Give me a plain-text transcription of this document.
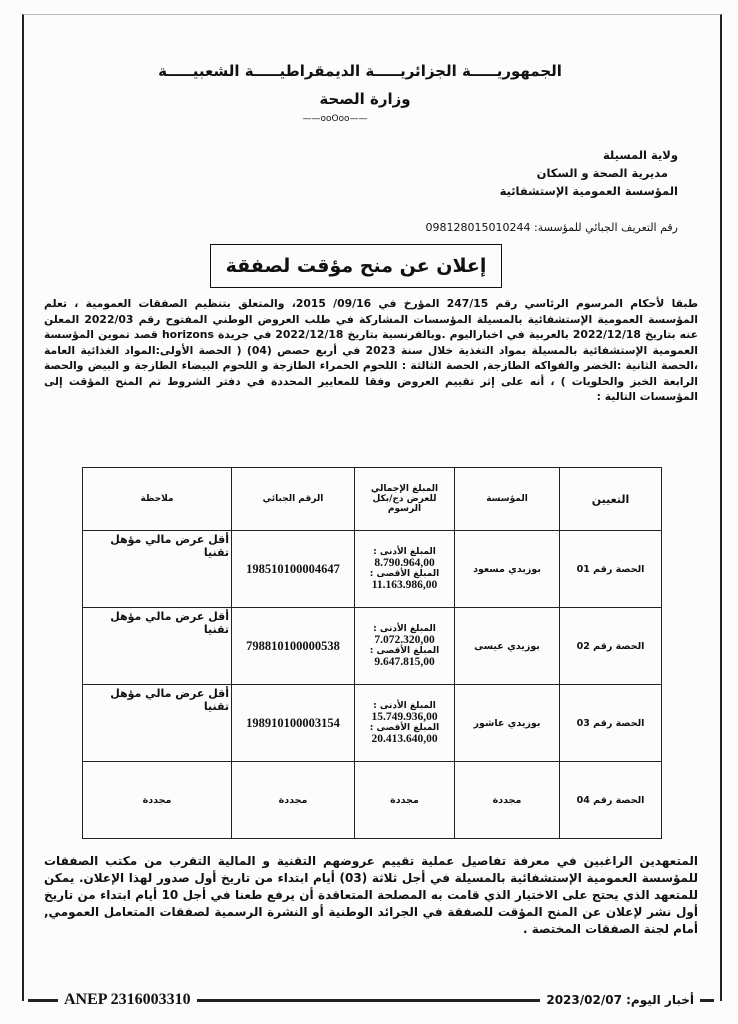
الجمهوريـــــة الجزائريـــــة الديمقراطيـــــة الشعبيـــــة
وزارة الصحة
——ooOoo——
ولاية المسيلة
مديرية الصحة و السكان
المؤسسة العمومية الإستشفائية
رقم التعريف الجبائي للمؤسسة: 098128015010244
إعلان عن منح مؤقت لصفقة
طبقا لأحكام المرسوم الرئاسي رقم 247/15 المؤرخ في 09/16/ 2015، والمتعلق بتنظيم الصفقات العمومية ، تعلم المؤسسة العمومية الإستشفائية بالمسيلة المؤسسات المشاركة في طلب العروض الوطني المفتوح رقم 2022/03 المعلن عنه بتاريخ 2022/12/18 بالعربية في اخباراليوم .وبالفرنسية بتاريخ 2022/12/18 في جريدة horizons قصد تموين المؤسسة العمومية الإستشفائية بالمسيلة بمواد التغذية خلال سنة 2023 في أربع حصص (04) ( الحصة الأولى:المواد الغذائية العامة ،الحصة الثانية :الخضر والفواكه الطازجة, الحصة الثالثة : اللحوم الحمراء الطازجة و اللحوم البيضاء الطازجة و البيض والحصة الرابعة الخبز والحلويات ) ، أنه على إثر تقييم العروض وفقا للمعايير المحددة في دفتر الشروط تم المنح المؤقت إلى المؤسسات التالية :
التعيين	المؤسسة	المبلغ الإجمالي للعرض دج/بكل الرسوم	الرقم الجبائي	ملاحظة
الحصة رقم 01	بوزيدي مسعود	المبلغ الأدنى :
8.790.964,00
المبلغ الأقصى :
11.163.986,00	198510100004647	أقل عرض مالي مؤهل تقنيا
الحصة رقم 02	بوزيدي عيسى	المبلغ الأدنى :
7.072.320,00
المبلغ الأقصى :
9.647.815,00	798810100000538	أقل عرض مالي مؤهل تقنيا
الحصة رقم 03	بوزيدي عاشور	المبلغ الأدنى :
15.749.936,00
المبلغ الأقصى :
20.413.640,00	198910100003154	أقل عرض مالي مؤهل تقنيا
الحصة رقم 04	مجددة	مجددة	مجددة	مجددة
المتعهدين الراغبين في معرفة تفاصيل عملية تقييم عروضهم التقنية و المالية التقرب من مكتب الصفقات للمؤسسة العمومية الإستشفائية بالمسيلة في أجل ثلاثة (03) أيام ابتداء من تاريخ أول صدور لهذا الإعلان. يمكن للمتعهد الذي يحتج على الاختيار الذي قامت به المصلحة المتعاقدة أن يرفع طعنا في أجل 10 أيام ابتداء من تاريخ أول نشر لإعلان عن المنح المؤقت للصفقة في الجرائد الوطنية أو النشرة الرسمية لصفقات المتعامل العمومي, أمام لجنة الصفقات المختصة .
ANEP 2316003310	أخبار اليوم: 2023/02/07
